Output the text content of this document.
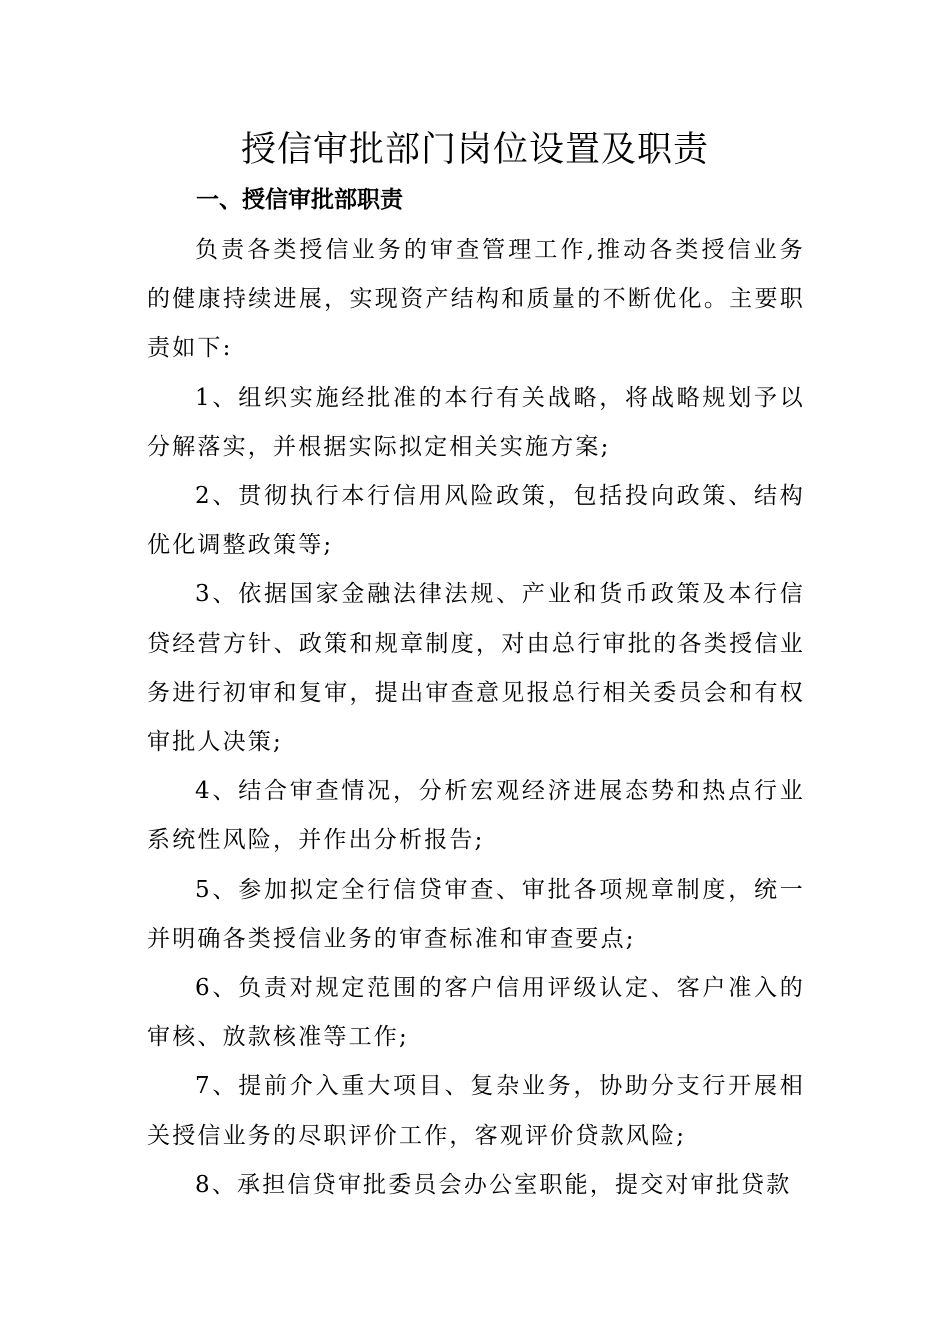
授信审批部门岗位设置及职责
一、授信审批部职责

负责各类授信业务的审查管理工作,推动各类授信业务的健康持续进展，实现资产结构和质量的不断优化。主要职责如下:

1、组织实施经批准的本行有关战略，将战略规划予以分解落实，并根据实际拟定相关实施方案;

2、贯彻执行本行信用风险政策，包括投向政策、结构优化调整政策等;

3、依据国家金融法律法规、产业和货币政策及本行信贷经营方针、政策和规章制度，对由总行审批的各类授信业务进行初审和复审，提出审查意见报总行相关委员会和有权审批人决策;

4、结合审查情况，分析宏观经济进展态势和热点行业系统性风险，并作出分析报告;

5、参加拟定全行信贷审查、审批各项规章制度，统一并明确各类授信业务的审查标准和审查要点;

6、负责对规定范围的客户信用评级认定、客户准入的审核、放款核准等工作;

7、提前介入重大项目、复杂业务，协助分支行开展相关授信业务的尽职评价工作，客观评价贷款风险;

8、承担信贷审批委员会办公室职能，提交对审批贷款
